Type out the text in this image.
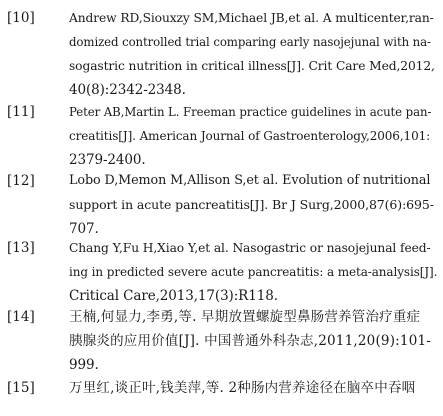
[10]	Andrew RD,Siouxzy SM,Michael JB,et al. A multicenter,ran-
domized controlled trial comparing early nasojejunal with na-
sogastric nutrition in critical illness[J]. Crit Care Med,2012,
40(8):2342-2348.
[11]	Peter AB,Martin L. Freeman practice guidelines in acute pan-
creatitis[J]. American Journal of Gastroenterology,2006,101:
2379-2400.
[12]	Lobo D,Memon M,Allison S,et al. Evolution of nutritional
support in acute pancreatitis[J]. Br J Surg,2000,87(6):695-
707.
[13]	Chang Y,Fu H,Xiao Y,et al. Nasogastric or nasojejunal feed-
ing in predicted severe acute pancreatitis: a meta-analysis[J].
Critical Care,2013,17(3):R118.
[14]	王楠,何显力,李勇,等. 早期放置螺旋型鼻肠营养管治疗重症
胰腺炎的应用价值[J]. 中国普通外科杂志,2011,20(9):101-
999.
[15]	万里红,谈正叶,钱美萍,等. 2种肠内营养途径在脑卒中吞咽
